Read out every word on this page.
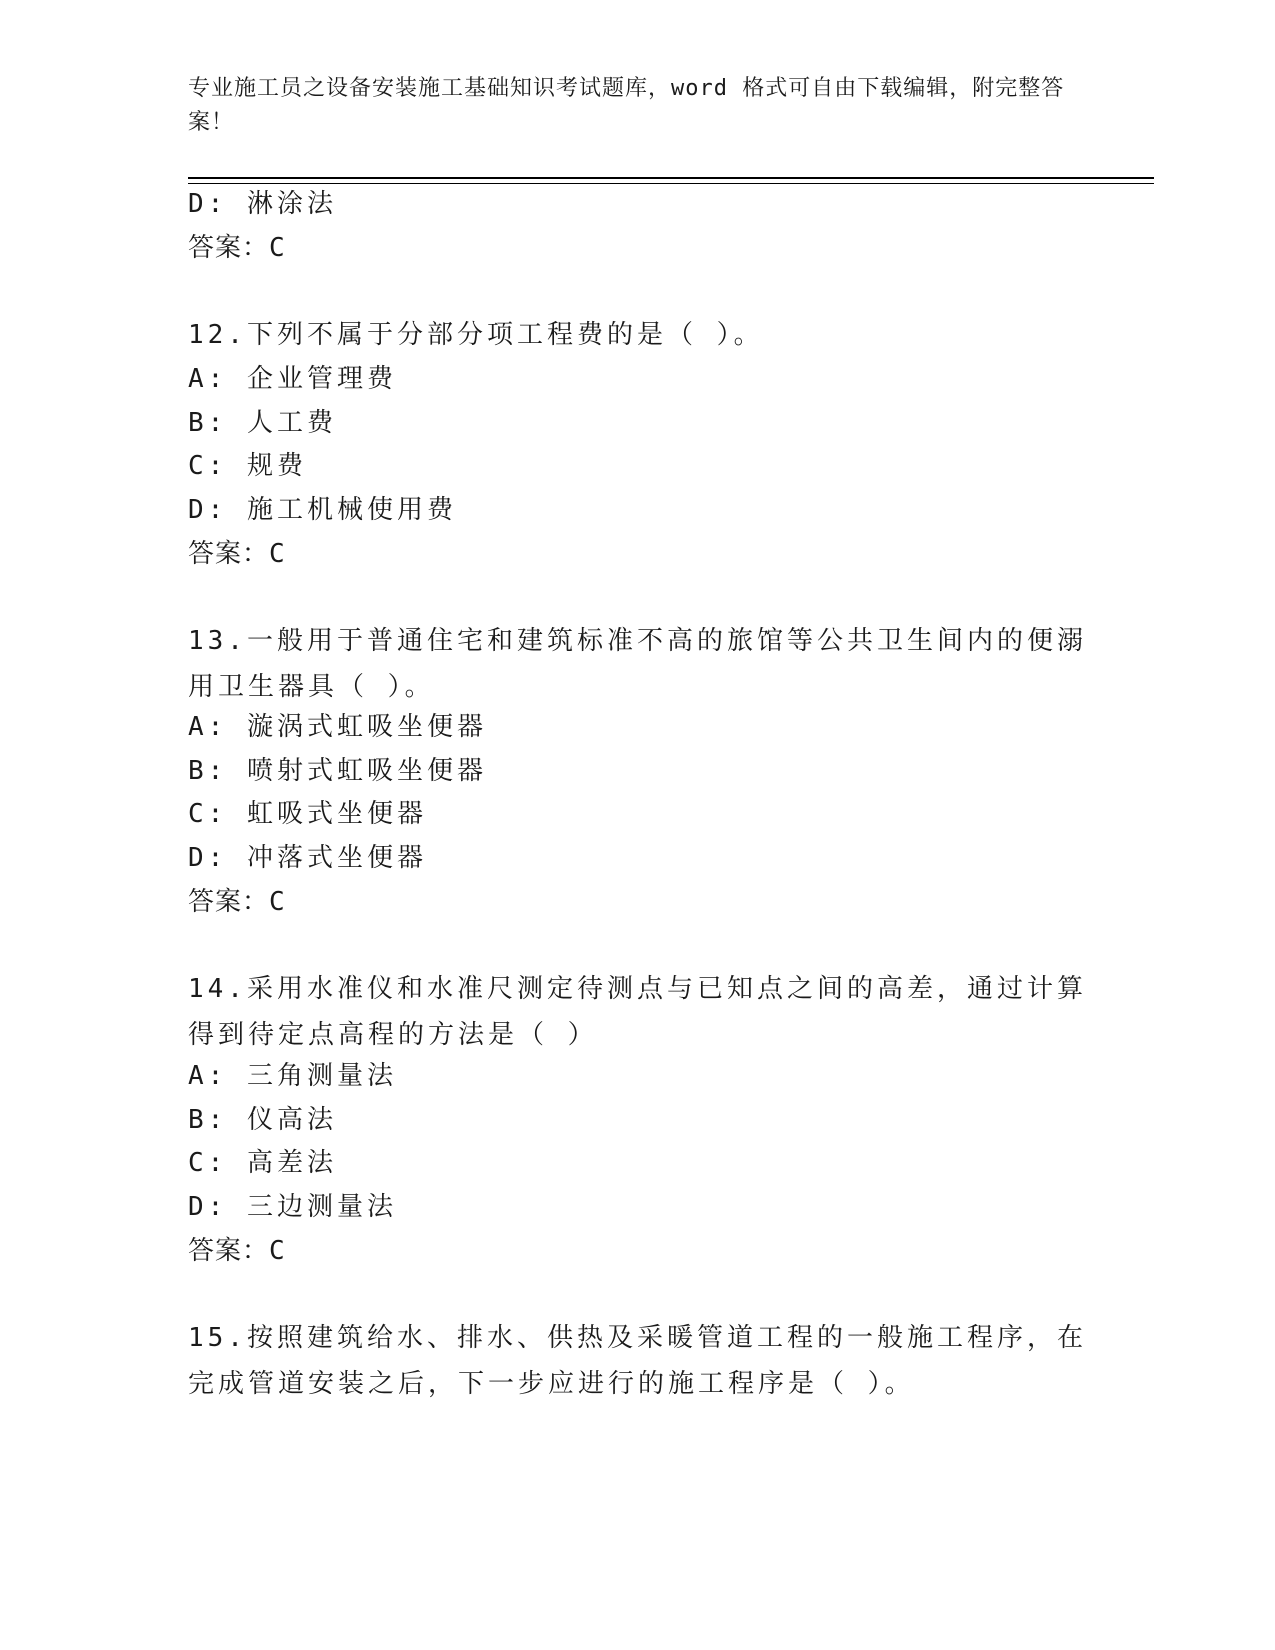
专业施工员之设备安装施工基础知识考试题库，word 格式可自由下载编辑，附完整答案！
D: 淋涂法
答案：C
12.下列不属于分部分项工程费的是（ ）。
A: 企业管理费
B: 人工费
C: 规费
D: 施工机械使用费
答案：C
13.一般用于普通住宅和建筑标准不高的旅馆等公共卫生间内的便溺用卫生器具（ ）。
A: 漩涡式虹吸坐便器
B: 喷射式虹吸坐便器
C: 虹吸式坐便器
D: 冲落式坐便器
答案：C
14.采用水准仪和水准尺测定待测点与已知点之间的高差，通过计算得到待定点高程的方法是（ ）
A: 三角测量法
B: 仪高法
C: 高差法
D: 三边测量法
答案：C
15.按照建筑给水、排水、供热及采暖管道工程的一般施工程序，在完成管道安装之后，下一步应进行的施工程序是（ ）。
